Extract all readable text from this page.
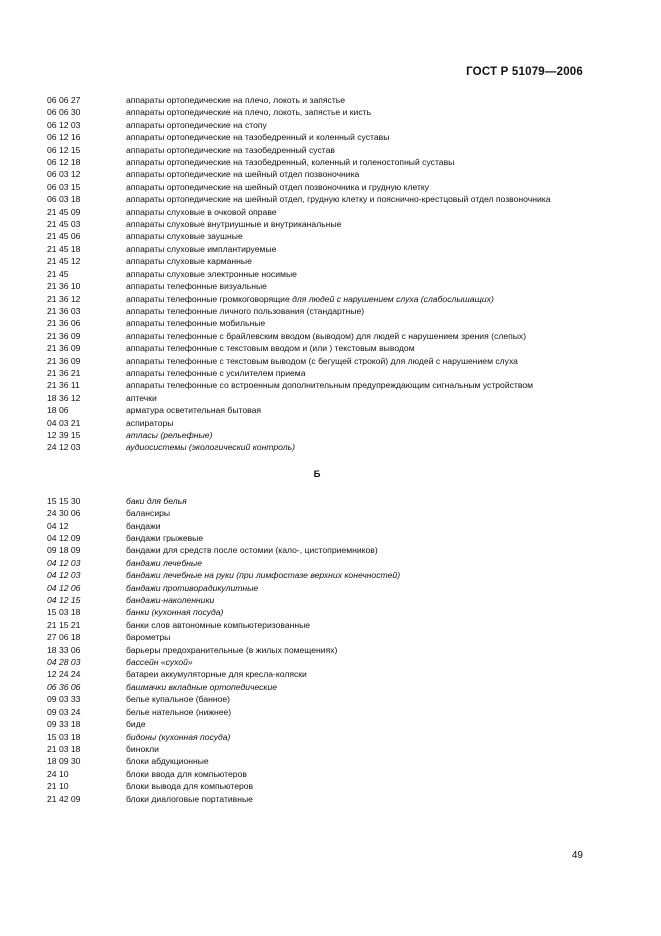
ГОСТ Р 51079—2006
06 06 27	аппараты ортопедические на плечо, локоть и запястье
06 06 30	аппараты ортопедические на плечо, локоть, запястье и кисть
06 12 03	аппараты ортопедические на стопу
06 12 16	аппараты ортопедические на тазобедренный и коленный суставы
06 12 15	аппараты ортопедические на тазобедренный сустав
06 12 18	аппараты ортопедические на тазобедренный, коленный и голеностопный суставы
06 03 12	аппараты ортопедические на шейный отдел позвоночника
06 03 15	аппараты ортопедические на шейный отдел позвоночника и грудную клетку
06 03 18	аппараты ортопедические на шейный отдел, грудную клетку и пояснично-крестцовый отдел позвоночника
21 45 09	аппараты слуховые в очковой оправе
21 45 03	аппараты слуховые внутриушные и внутриканальные
21 45 06	аппараты слуховые заушные
21 45 18	аппараты слуховые имплантируемые
21 45 12	аппараты слуховые карманные
21 45	аппараты слуховые электронные носимые
21 36 10	аппараты телефонные визуальные
21 36 12	аппараты телефонные громкоговорящие для людей с нарушением слуха (слабослышащих)
21 36 03	аппараты телефонные личного пользования (стандартные)
21 36 06	аппараты телефонные мобильные
21 36 09	аппараты телефонные с брайлевским вводом (выводом) для людей с нарушением зрения (слепых)
21 36 09	аппараты телефонные с текстовым вводом и (или ) текстовым выводом
21 36 09	аппараты телефонные с текстовым выводом (с бегущей строкой) для людей с нарушением слуха
21 36 21	аппараты телефонные с усилителем приема
21 36 11	аппараты телефонные со встроенным дополнительным предупреждающим сигнальным устройством
18 36 12	аптечки
18 06	арматура осветительная бытовая
04 03 21	аспираторы
12 39 15	атласы (рельефные)
24 12 03	аудиосистемы (экологический контроль)
Б
15 15 30	баки для белья
24 30 06	балансиры
04 12	бандажи
04 12 09	бандажи грыжевые
09 18 09	бандажи для средств после остомии (кало-, цистоприемников)
04 12 03	бандажи лечебные
04 12 03	бандажи лечебные на руки (при лимфостазе верхних конечностей)
04 12 06	бандажи противорадикулитные
04 12 15	бандажи-наколенники
15 03 18	банки (кухонная посуда)
21 15 21	банки слов автономные компьютеризованные
27 06 18	барометры
18 33 06	барьеры предохранительные (в жилых помещениях)
04 28 03	бассейн «сухой»
12 24 24	батареи аккумуляторные для кресла-коляски
06 36 06	башмачки вкладные ортопедические
09 03 33	белье купальное (банное)
09 03 24	белье нательное (нижнее)
09 33 18	биде
15 03 18	бидоны (кухонная посуда)
21 03 18	бинокли
18 09 30	блоки абдукционные
24 10	блоки ввода для компьютеров
21 10	блоки вывода для компьютеров
21 42 09	блоки диалоговые портативные
49
